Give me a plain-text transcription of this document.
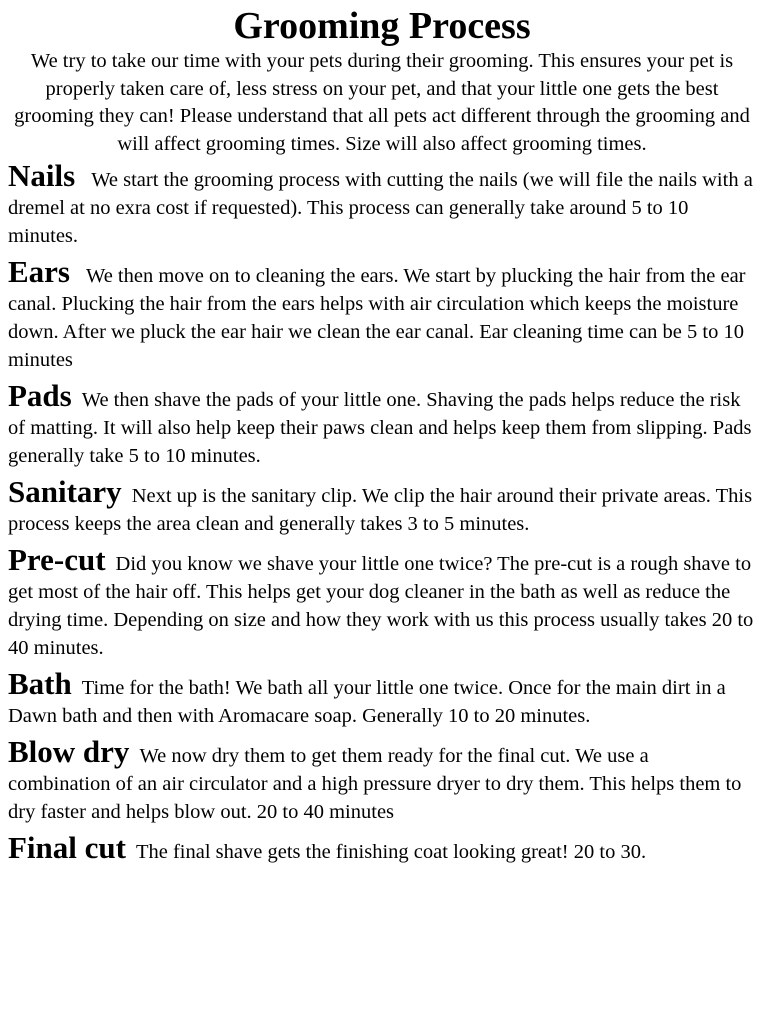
Grooming Process
We try to take our time with your pets during their grooming. This ensures your pet is properly taken care of, less stress on your pet, and that your little one gets the best grooming they can! Please understand that all pets act different through the grooming and will affect grooming times. Size will also affect grooming times.
Nails We start the grooming process with cutting the nails (we will file the nails with a dremel at no exra cost if requested). This process can generally take around 5 to 10 minutes.
Ears We then move on to cleaning the ears. We start by plucking the hair from the ear canal. Plucking the hair from the ears helps with air circulation which keeps the moisture down. After we pluck the ear hair we clean the ear canal. Ear cleaning time can be 5 to 10 minutes
Pads We then shave the pads of your little one. Shaving the pads helps reduce the risk of matting. It will also help keep their paws clean and helps keep them from slipping. Pads generally take 5 to 10 minutes.
Sanitary Next up is the sanitary clip. We clip the hair around their private areas. This process keeps the area clean and generally takes 3 to 5 minutes.
Pre-cut Did you know we shave your little one twice? The pre-cut is a rough shave to get most of the hair off. This helps get your dog cleaner in the bath as well as reduce the drying time. Depending on size and how they work with us this process usually takes 20 to 40 minutes.
Bath Time for the bath! We bath all your little one twice. Once for the main dirt in a Dawn bath and then with Aromacare soap. Generally 10 to 20 minutes.
Blow dry We now dry them to get them ready for the final cut. We use a combination of an air circulator and a high pressure dryer to dry them. This helps them to dry faster and helps blow out. 20 to 40 minutes
Final cut The final shave gets the finishing coat looking great! 20 to 30.
